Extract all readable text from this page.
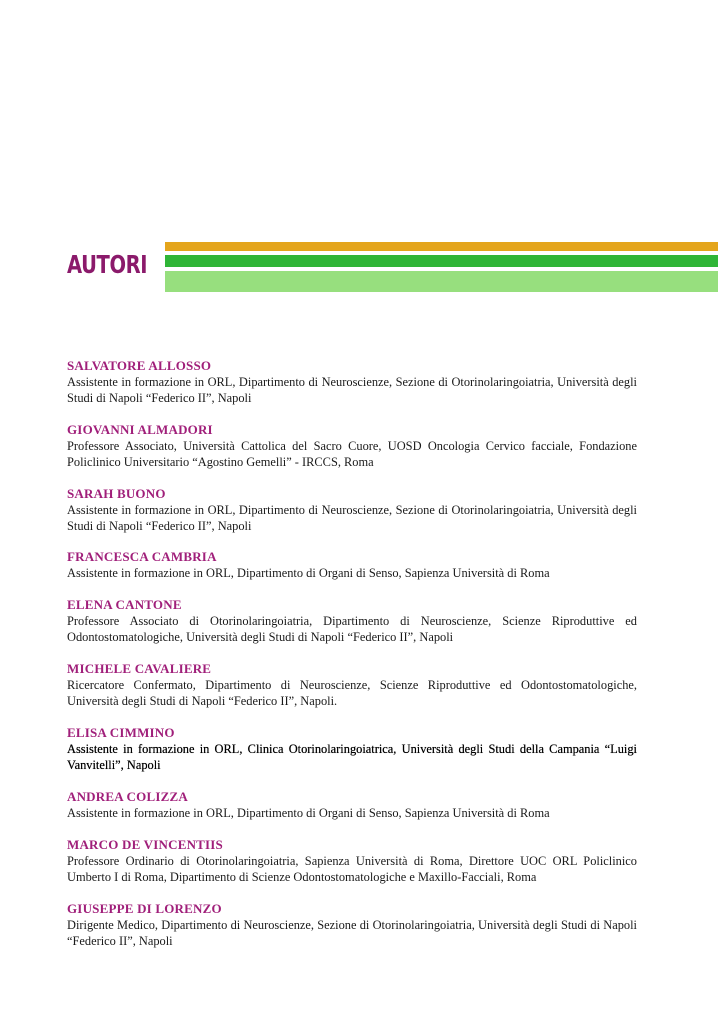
AUTORI
SALVATORE ALLOSSO
Assistente in formazione in ORL, Dipartimento di Neuroscienze, Sezione di Otorinolaringoiatria, Università degli Studi di Napoli “Federico II”, Napoli
GIOVANNI ALMADORI
Professore Associato, Università Cattolica del Sacro Cuore, UOSD Oncologia Cervico facciale, Fondazione Policlinico Universitario “Agostino Gemelli” - IRCCS, Roma
SARAH BUONO
Assistente in formazione in ORL, Dipartimento di Neuroscienze, Sezione di Otorinolaringoiatria, Università degli Studi di Napoli “Federico II”, Napoli
FRANCESCA CAMBRIA
Assistente in formazione in ORL, Dipartimento di Organi di Senso, Sapienza Università di Roma
ELENA CANTONE
Professore Associato di Otorinolaringoiatria, Dipartimento di Neuroscienze, Scienze Riproduttive ed Odontostomatologiche, Università degli Studi di Napoli “Federico II”, Napoli
MICHELE CAVALIERE
Ricercatore Confermato, Dipartimento di Neuroscienze, Scienze Riproduttive ed Odontostomatologiche, Università degli Studi di Napoli “Federico II”, Napoli.
ELISA CIMMINO
Assistente in formazione in ORL, Clinica Otorinolaringoiatrica, Università degli Studi della Campania “Luigi Vanvitelli”, Napoli
ANDREA COLIZZA
Assistente in formazione in ORL, Dipartimento di Organi di Senso, Sapienza Università di Roma
MARCO DE VINCENTIIS
Professore Ordinario di Otorinolaringoiatria, Sapienza Università di Roma, Direttore UOC ORL Policlinico Umberto I di Roma, Dipartimento di Scienze Odontostomatologiche e Maxillo-Facciali, Roma
GIUSEPPE DI LORENZO
Dirigente Medico, Dipartimento di Neuroscienze, Sezione di Otorinolaringoiatria, Università degli Studi di Napoli “Federico II”, Napoli
